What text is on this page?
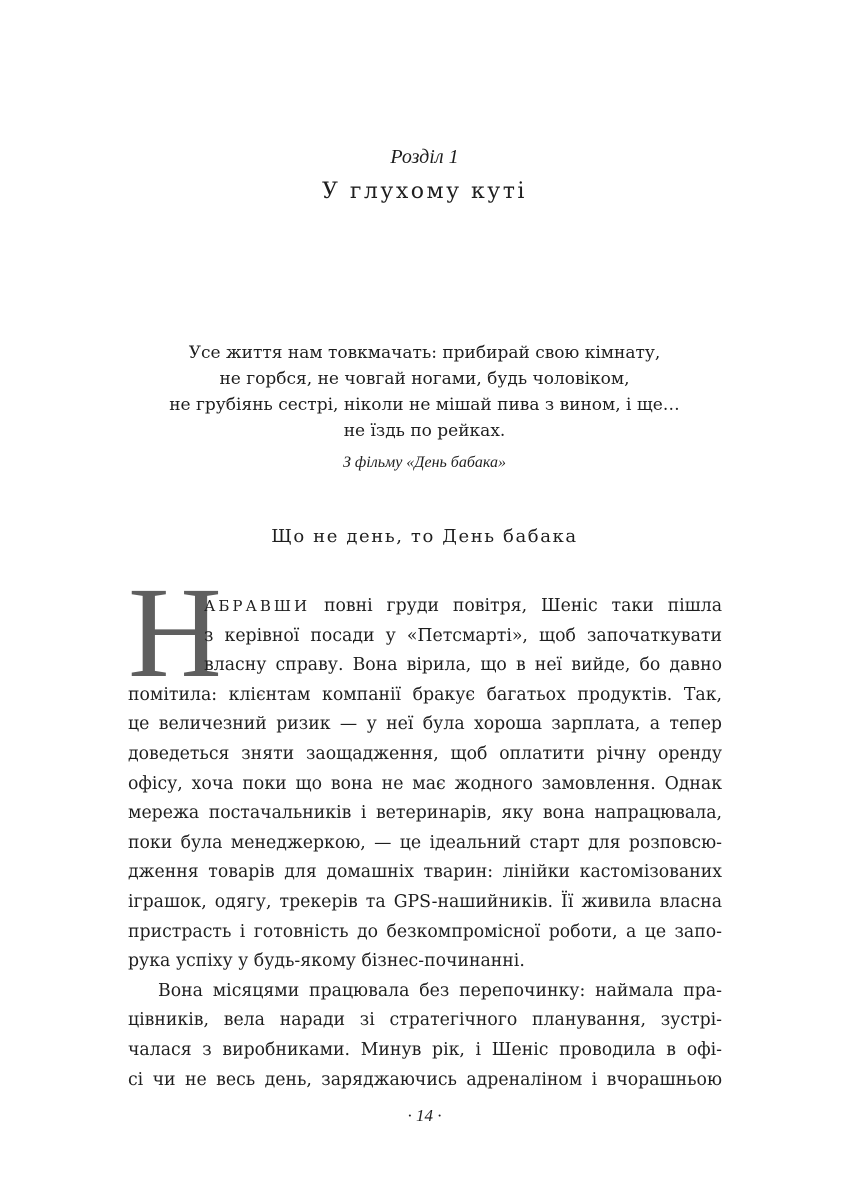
Розділ 1
У глухому куті
Усе життя нам товкмачать: прибирай свою кімнату,
не горбся, не човгай ногами, будь чоловіком,
не грубіянь сестрі, ніколи не мішай пива з вином, і ще…
не їздь по рейках.
З фільму «День бабака»
Що не день, то День бабака
Н
АБРАВШИ повні груди повітря, Шеніс таки пішла
з керівної посади у «Петсмарті», щоб започаткувати
власну справу. Вона вірила, що в неї вийде, бо давно
помітила: клієнтам компанії бракує багатьох продуктів. Так,
це величезний ризик — у неї була хороша зарплата, а тепер
доведеться зняти заощадження, щоб оплатити річну оренду
офісу, хоча поки що вона не має жодного замовлення. Однак
мережа постачальників і ветеринарів, яку вона напрацювала,
поки була менеджеркою, — це ідеальний старт для розповсю-
дження товарів для домашніх тварин: лінійки кастомізованих
іграшок, одягу, трекерів та GPS-нашийників. Її живила власна
пристрасть і готовність до безкомпромісної роботи, а це запо-
рука успіху у будь-якому бізнес-починанні.
Вона місяцями працювала без перепочинку: наймала пра-
цівників, вела наради зі стратегічного планування, зустрі-
чалася з виробниками. Минув рік, і Шеніс проводила в офі-
сі чи не весь день, заряджаючись адреналіном і вчорашньою
· 14 ·
